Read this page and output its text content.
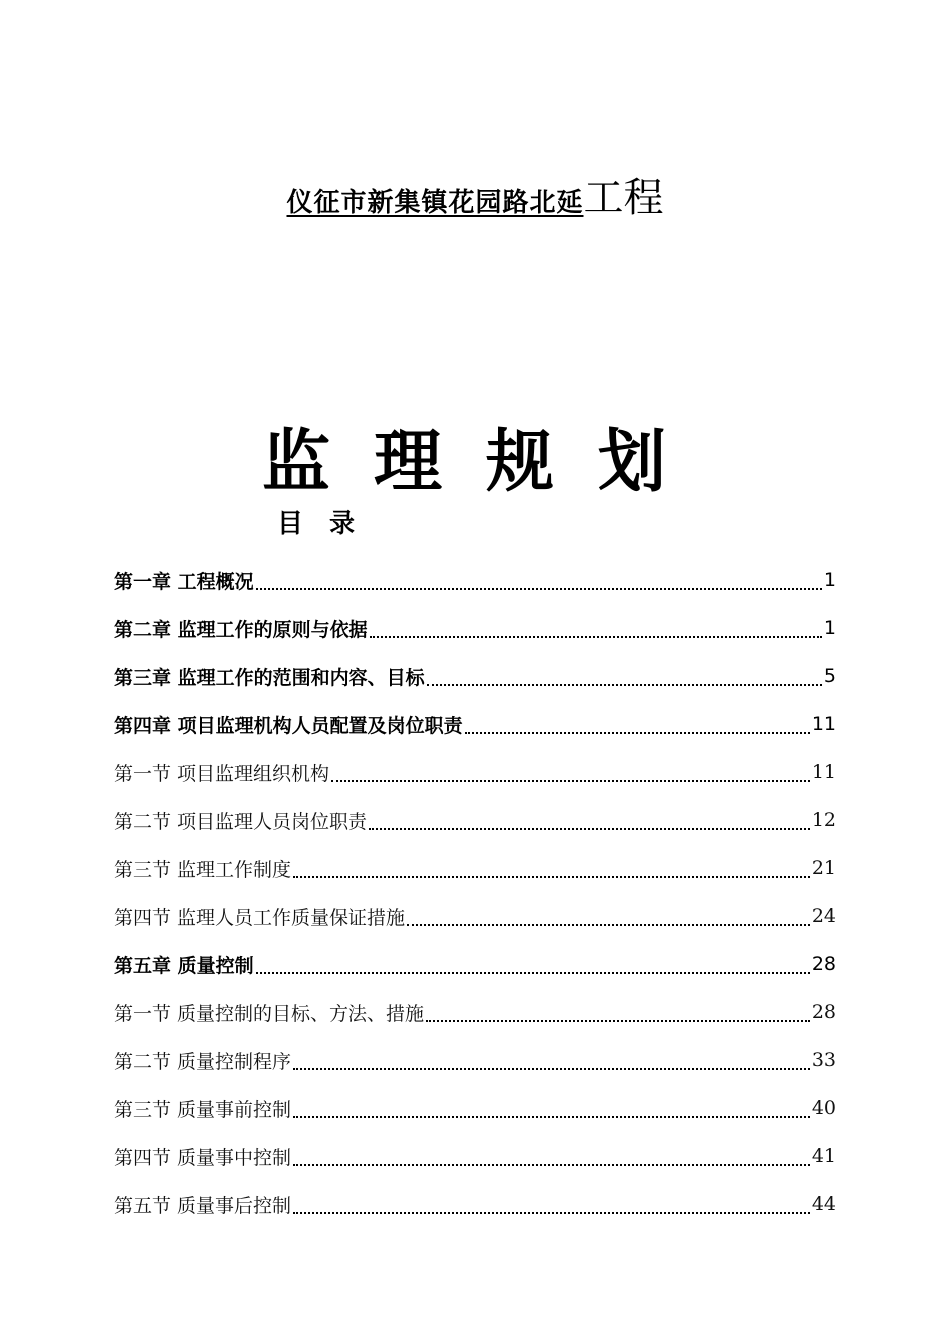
仪征市新集镇花园路北延工程
监理规划
目录
第一章 工程概况	1
第二章 监理工作的原则与依据	1
第三章 监理工作的范围和内容、目标	5
第四章 项目监理机构人员配置及岗位职责	11
第一节 项目监理组织机构	11
第二节 项目监理人员岗位职责	12
第三节 监理工作制度	21
第四节 监理人员工作质量保证措施	24
第五章 质量控制	28
第一节 质量控制的目标、方法、措施	28
第二节 质量控制程序	33
第三节 质量事前控制	40
第四节 质量事中控制	41
第五节 质量事后控制	44
